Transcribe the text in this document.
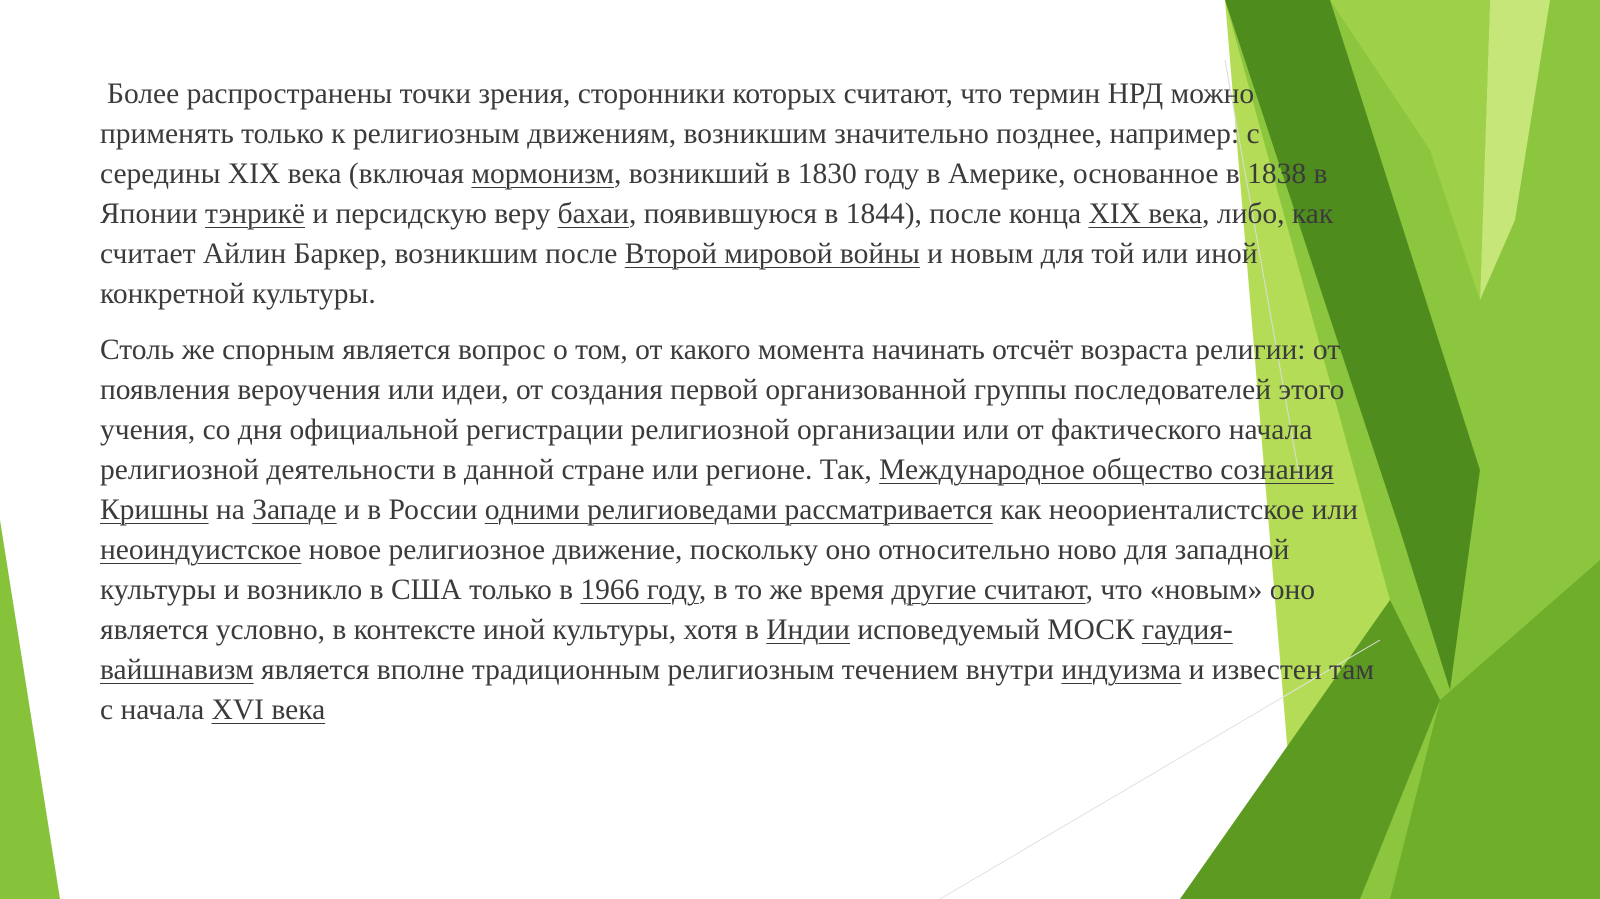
Более распространены точки зрения, сторонники которых считают, что термин НРД можно применять только к религиозным движениям, возникшим значительно позднее, например: с середины XIX века (включая мормонизм, возникший в 1830 году в Америке, основанное в 1838 в Японии тэнрикё и персидскую веру бахаи, появившуюся в 1844), после конца XIX века, либо, как считает Айлин Баркер, возникшим после Второй мировой войны и новым для той или иной конкретной культуры.

Столь же спорным является вопрос о том, от какого момента начинать отсчёт возраста религии: от появления вероучения или идеи, от создания первой организованной группы последователей этого учения, со дня официальной регистрации религиозной организации или от фактического начала религиозной деятельности в данной стране или регионе. Так, Международное общество сознания Кришны на Западе и в России одними религиоведами рассматривается как неоориенталистское или неоиндуистское новое религиозное движение, поскольку оно относительно ново для западной культуры и возникло в США только в 1966 году, в то же время другие считают, что «новым» оно является условно, в контексте иной культуры, хотя в Индии исповедуемый МОСК гаудия-вайшнавизм является вполне традиционным религиозным течением внутри индуизма и известен там с начала XVI века
